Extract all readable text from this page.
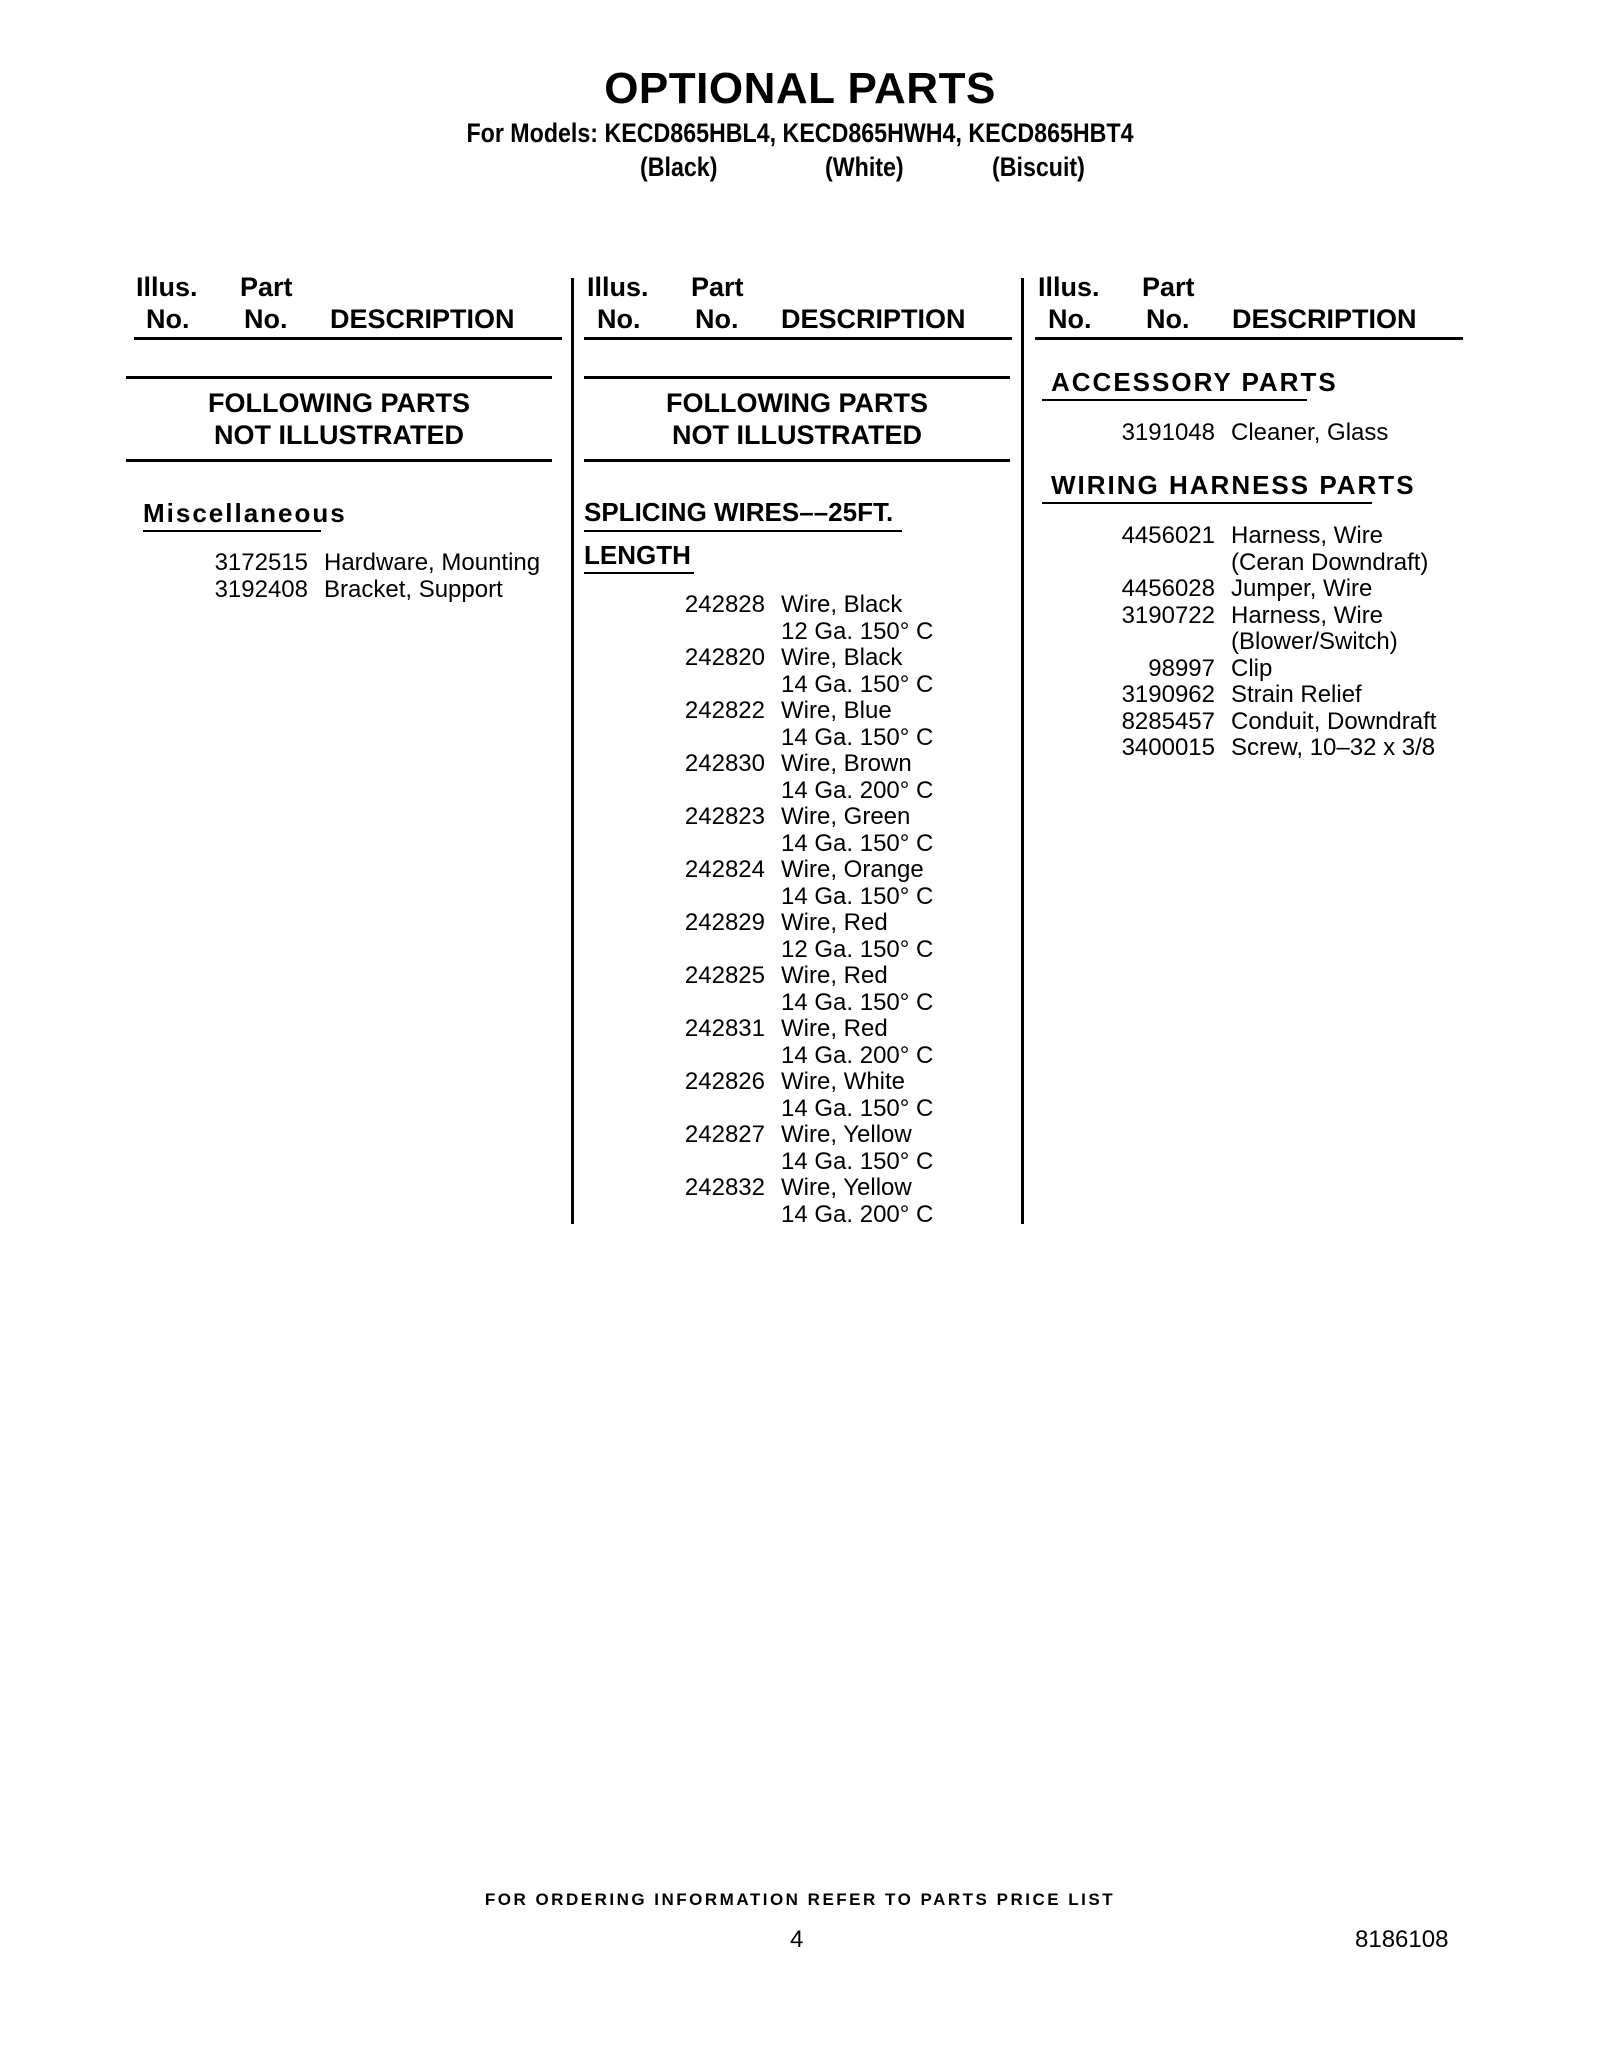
OPTIONAL PARTS
For Models: KECD865HBL4, KECD865HWH4, KECD865HBT4
(Black)	(White)	(Biscuit)
Illus.
No.
Part
No. DESCRIPTION
Illus.
No.
Part
No. DESCRIPTION
Illus.
No.
Part
No. DESCRIPTION
FOLLOWING PARTS
NOT ILLUSTRATED
Miscellaneous
3172515 Hardware, Mounting
3192408 Bracket, Support
FOLLOWING PARTS
NOT ILLUSTRATED
SPLICING WIRES––25FT.
LENGTH
242828 Wire, Black
12 Ga. 150° C
242820 Wire, Black
14 Ga. 150° C
242822 Wire, Blue
14 Ga. 150° C
242830 Wire, Brown
14 Ga. 200° C
242823 Wire, Green
14 Ga. 150° C
242824 Wire, Orange
14 Ga. 150° C
242829 Wire, Red
12 Ga. 150° C
242825 Wire, Red
14 Ga. 150° C
242831 Wire, Red
14 Ga. 200° C
242826 Wire, White
14 Ga. 150° C
242827 Wire, Yellow
14 Ga. 150° C
242832 Wire, Yellow
14 Ga. 200° C
ACCESSORY PARTS
3191048 Cleaner, Glass
WIRING HARNESS PARTS
4456021 Harness, Wire
(Ceran Downdraft)
4456028 Jumper, Wire
3190722 Harness, Wire
(Blower/Switch)
98997 Clip
3190962 Strain Relief
8285457 Conduit, Downdraft
3400015 Screw, 10–32 x 3/8
FOR ORDERING INFORMATION REFER TO PARTS PRICE LIST
4	8186108
